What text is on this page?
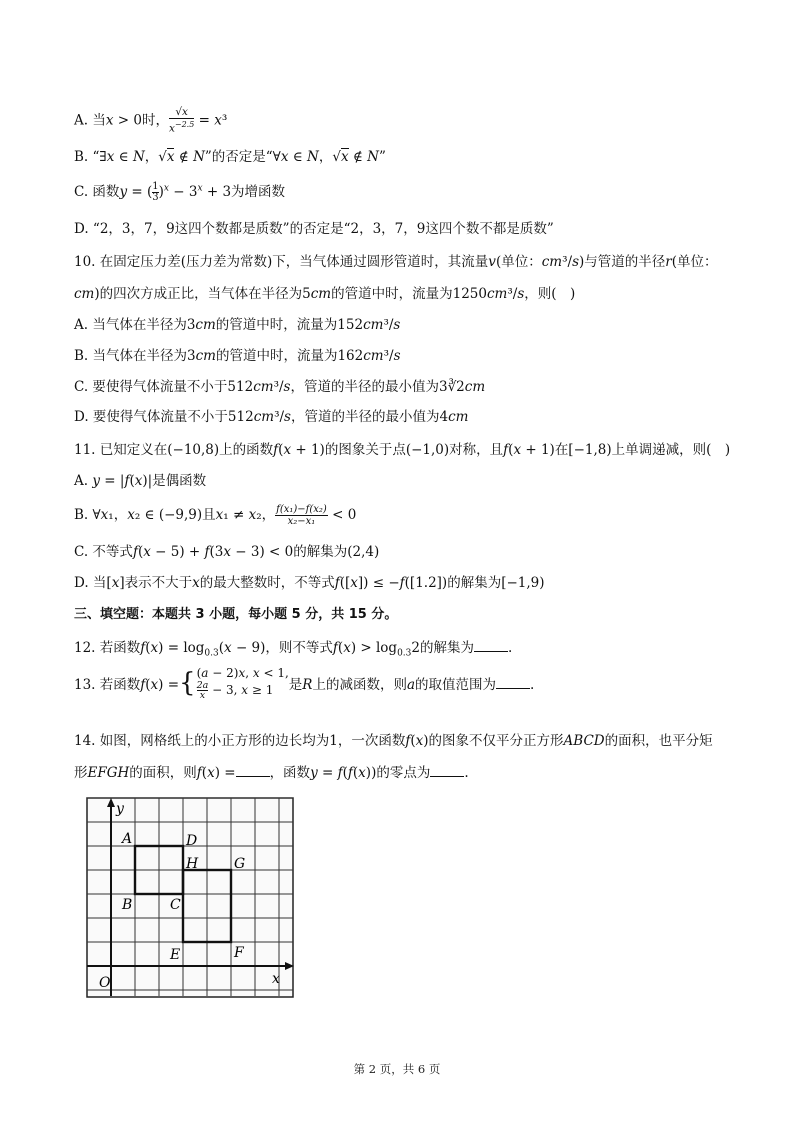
A. 当x > 0时， $\frac{√x}{x^{-2.5}} = x^3$
B. “∃x ∈ N，√x ∉ N”的否定是“∀x ∈ N，√x ∉ N”
C. 函数y = ( $\frac{1}{3} )^x - 3^x + 3$为增函数
D. “2，3，7，9这四个数都是质数”的否定是“2，3，7，9这四个数不都是质数”
10. 在固定压力差(压力差为常数)下，当气体通过圆形管道时，其流量v(单位：cm³/s)与管道的半径r(单位：
cm)的四次方成正比，当气体在半径为5cm的管道中时，流量为1250cm³/s，则(　)
A. 当气体在半径为3cm的管道中时，流量为152cm³/s
B. 当气体在半径为3cm的管道中时，流量为162cm³/s
C. 要使得气体流量不小于512cm³/s，管道的半径的最小值为3∛2cm
D. 要使得气体流量不小于512cm³/s，管道的半径的最小值为4cm
11. 已知定义在(−10,8)上的函数f(x + 1)的图象关于点(−1,0)对称，且f(x + 1)在[−1,8)上单调递减，则(　)
A. y = |f(x)|是偶函数
B. ∀x₁，x₂ ∈ (−9,9)且x₁ ≠ x₂， $\frac{\text{f(x₁)−f(x₂)}}{\text{x₂−x₁}} < 0$
C. 不等式f(x − 5) + f(3x − 3) < 0的解集为(2,4)
D. 当[x]表示不大于x的最大整数时，不等式f([x]) ≤ −f([1.2])的解集为[−1,9)
三、填空题：本题共 3 小题，每小题 5 分，共 15 分。
12. 若函数$f(x) = \log_{0.3}(x - 9)$，则不等式$f(x) > \log_{0.3}2$的解集为	.
13. 若函数f(x) ={ (a − 2)x, x < 1,
$\frac{2a}{x} - 3$, x ≥ 1	是R上的减函数，则a的取值范围为	.
14. 如图，网格纸上的小正方形的边长均为1，一次函数f(x)的图象不仅平分正方形ABCD的面积，也平分矩
形EFGH的面积，则f(x) =	，函数y = f(f(x))的零点为	.
y
x
O
A	D
H	G
B	C
E	F
第 2 页，共 6 页
